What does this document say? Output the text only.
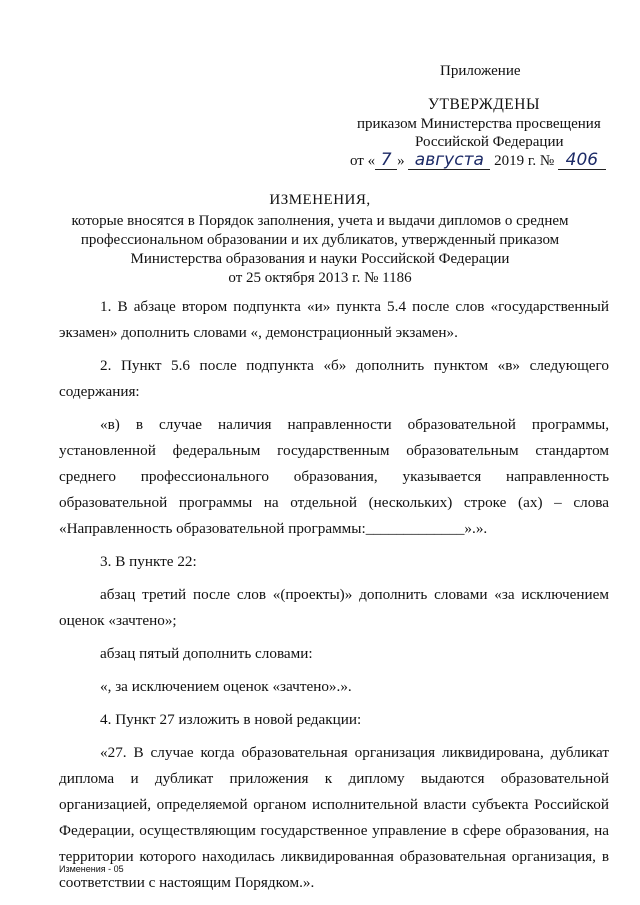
Приложение
УТВЕРЖДЕНЫ
приказом Министерства просвещения
Российской Федерации
от « 7 » августа 2019 г. № 406
ИЗМЕНЕНИЯ,
которые вносятся в Порядок заполнения, учета и выдачи дипломов о среднем
профессиональном образовании и их дубликатов, утвержденный приказом
Министерства образования и науки Российской Федерации
от 25 октября 2013 г. № 1186

1. В абзаце втором подпункта «и» пункта 5.4 после слов «государственный экзамен» дополнить словами «, демонстрационный экзамен».

2. Пункт 5.6 после подпункта «б» дополнить пунктом «в» следующего содержания:

«в) в случае наличия направленности образовательной программы, установленной федеральным государственным образовательным стандартом среднего профессионального образования, указывается направленность образовательной программы на отдельной (нескольких) строке (ах) – слова «Направленность образовательной программы:_____________».».

3. В пункте 22:

абзац третий после слов «(проекты)» дополнить словами «за исключением оценок «зачтено»;

абзац пятый дополнить словами:

«, за исключением оценок «зачтено».».

4. Пункт 27 изложить в новой редакции:

«27. В случае когда образовательная организация ликвидирована, дубликат диплома и дубликат приложения к диплому выдаются образовательной организацией, определяемой органом исполнительной власти субъекта Российской Федерации, осуществляющим государственное управление в сфере образования, на территории которого находилась ликвидированная образовательная организация, в соответствии с настоящим Порядком.».

Изменения - 05
